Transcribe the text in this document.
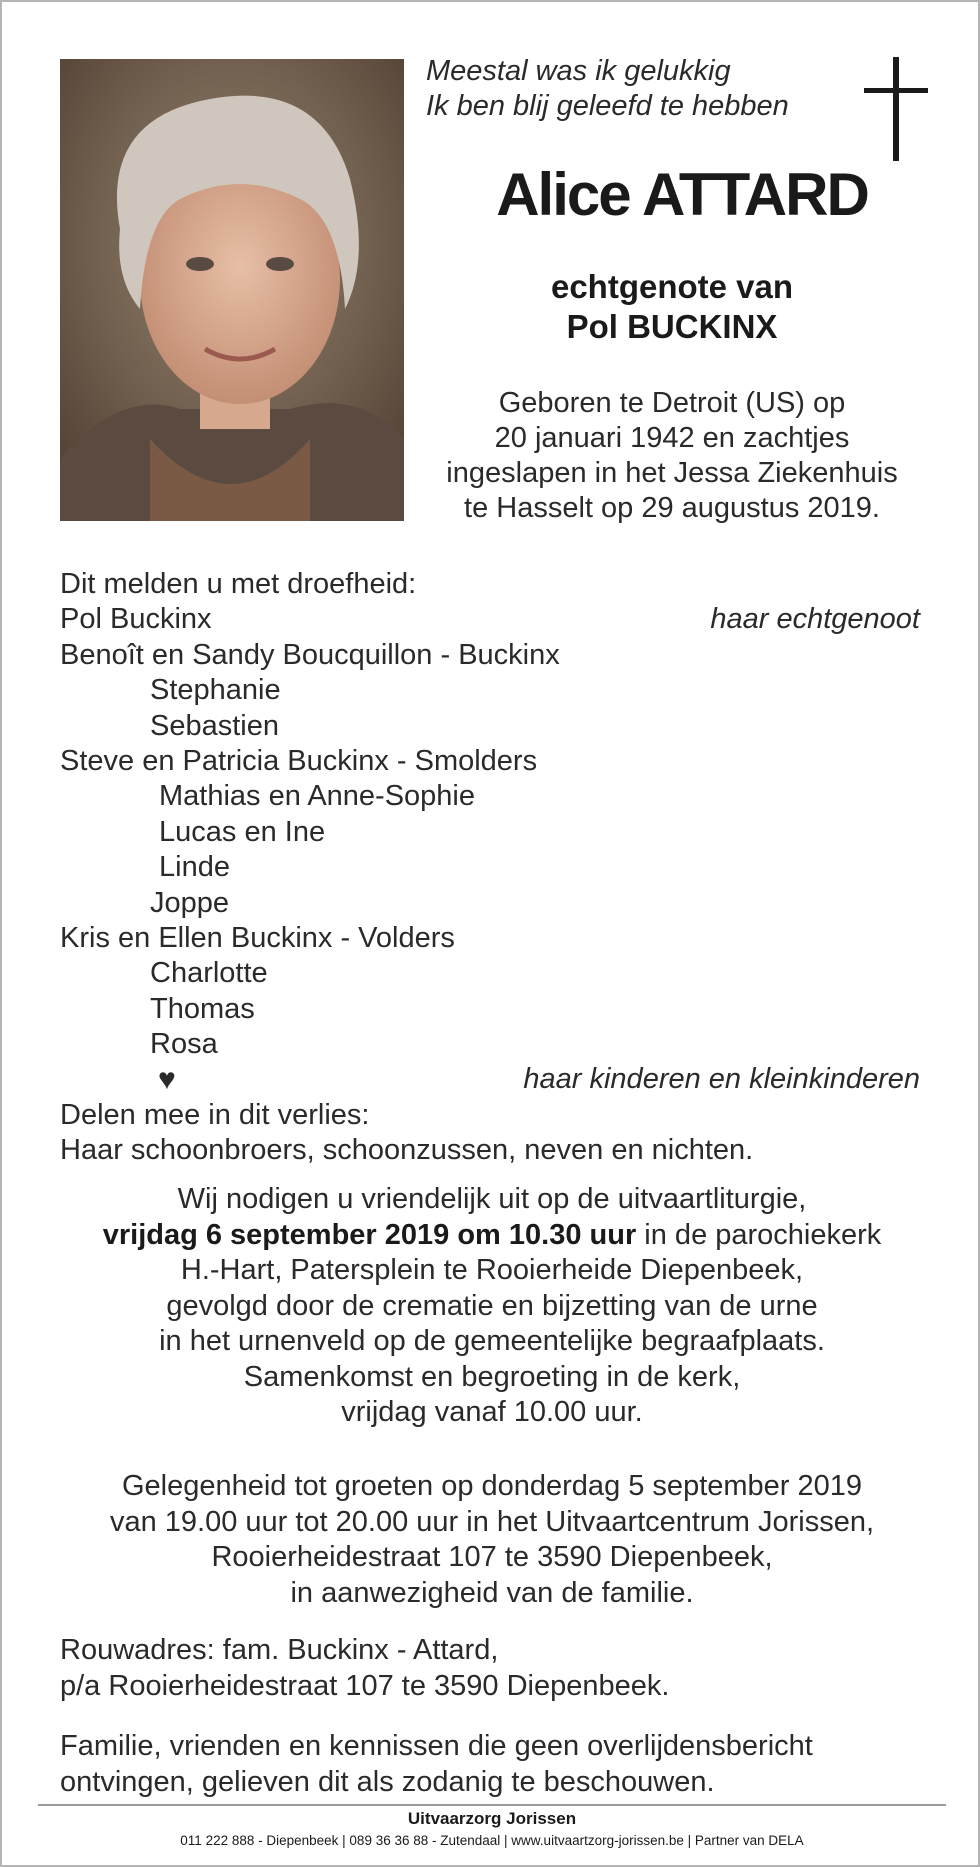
Meestal was ik gelukkig
Ik ben blij geleefd te hebben
Alice ATTARD
echtgenote van
Pol BUCKINX
Geboren te Detroit (US) op
20 januari 1942 en zachtjes
ingeslapen in het Jessa Ziekenhuis
te Hasselt op 29 augustus 2019.
Dit melden u met droefheid:
Pol Buckinx	haar echtgenoot
Benoît en Sandy Boucquillon - Buckinx
Stephanie
Sebastien
Steve en Patricia Buckinx - Smolders
Mathias en Anne-Sophie
Lucas en Ine
Linde
Joppe
Kris en Ellen Buckinx - Volders
Charlotte
Thomas
Rosa
♥	haar kinderen en kleinkinderen
Delen mee in dit verlies:
Haar schoonbroers, schoonzussen, neven en nichten.
Wij nodigen u vriendelijk uit op de uitvaartliturgie,
vrijdag 6 september 2019 om 10.30 uur in de parochiekerk
H.-Hart, Patersplein te Rooierheide Diepenbeek,
gevolgd door de crematie en bijzetting van de urne
in het urnenveld op de gemeentelijke begraafplaats.
Samenkomst en begroeting in de kerk,
vrijdag vanaf 10.00 uur.
Gelegenheid tot groeten op donderdag 5 september 2019
van 19.00 uur tot 20.00 uur in het Uitvaartcentrum Jorissen,
Rooierheidestraat 107 te 3590 Diepenbeek,
in aanwezigheid van de familie.
Rouwadres: fam. Buckinx - Attard,
p/a Rooierheidestraat 107 te 3590 Diepenbeek.
Familie, vrienden en kennissen die geen overlijdensbericht
ontvingen, gelieven dit als zodanig te beschouwen.
Uitvaarzorg Jorissen
011 222 888 - Diepenbeek | 089 36 36 88 - Zutendaal | www.uitvaartzorg-jorissen.be | Partner van DELA
